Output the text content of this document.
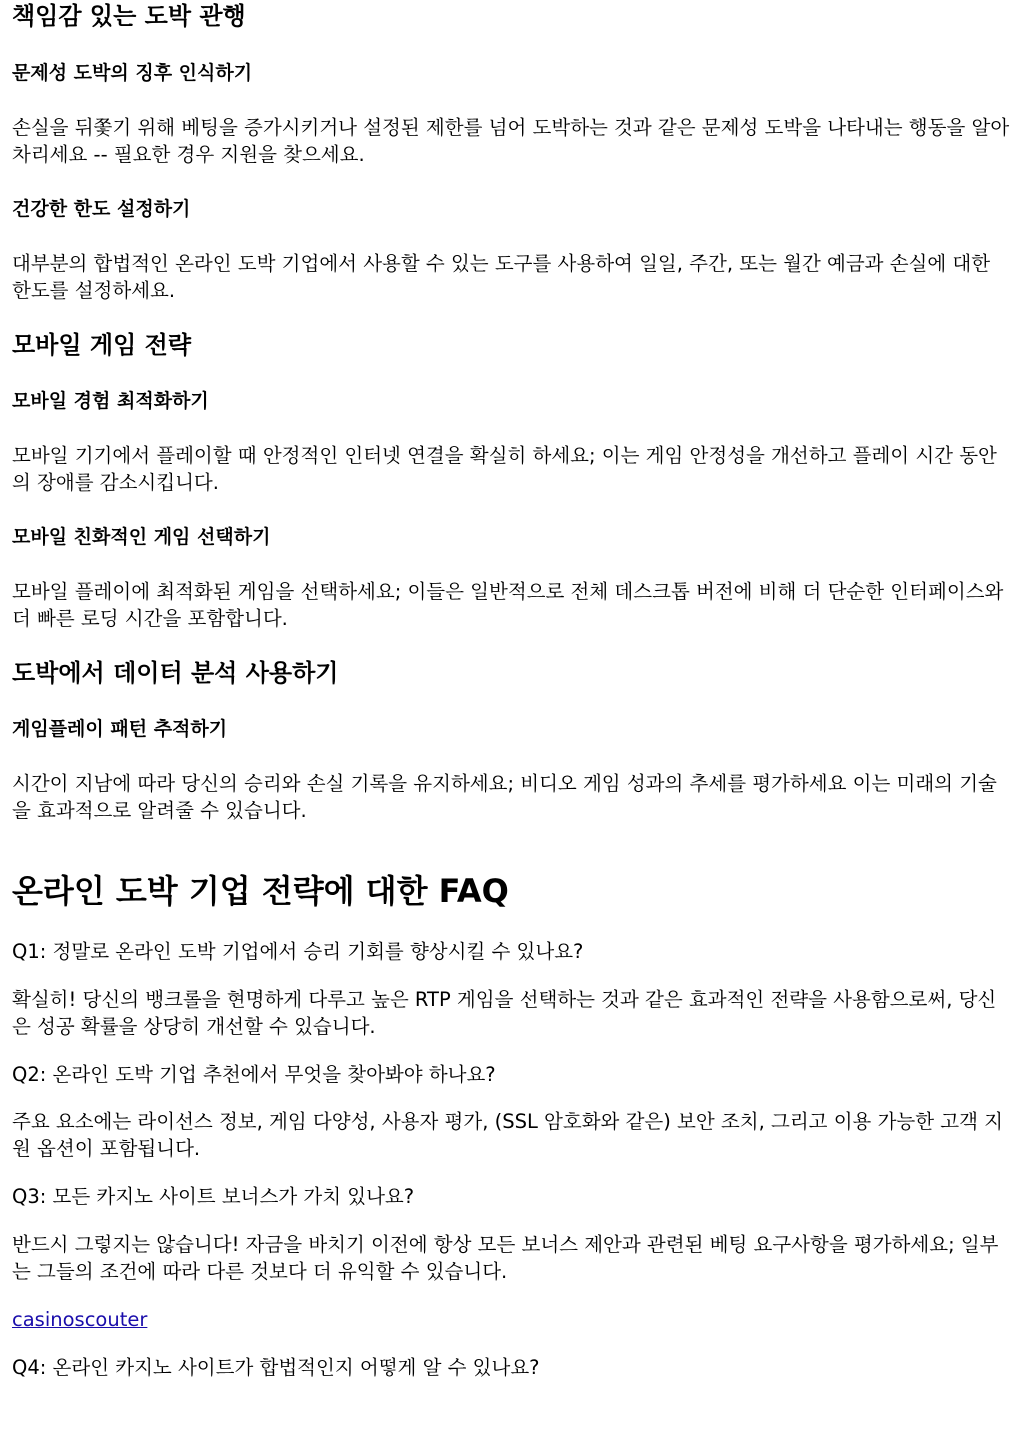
책임감 있는 도박 관행
문제성 도박의 징후 인식하기
손실을 뒤쫓기 위해 베팅을 증가시키거나 설정된 제한를 넘어 도박하는 것과 같은 문제성 도박을 나타내는 행동을 알아차리세요 -- 필요한 경우 지원을 찾으세요.
건강한 한도 설정하기
대부분의 합법적인 온라인 도박 기업에서 사용할 수 있는 도구를 사용하여 일일, 주간, 또는 월간 예금과 손실에 대한 한도를 설정하세요.
모바일 게임 전략
모바일 경험 최적화하기
모바일 기기에서 플레이할 때 안정적인 인터넷 연결을 확실히 하세요; 이는 게임 안정성을 개선하고 플레이 시간 동안의 장애를 감소시킵니다.
모바일 친화적인 게임 선택하기
모바일 플레이에 최적화된 게임을 선택하세요; 이들은 일반적으로 전체 데스크톱 버전에 비해 더 단순한 인터페이스와 더 빠른 로딩 시간을 포함합니다.
도박에서 데이터 분석 사용하기
게임플레이 패턴 추적하기
시간이 지남에 따라 당신의 승리와 손실 기록을 유지하세요; 비디오 게임 성과의 추세를 평가하세요 이는 미래의 기술을 효과적으로 알려줄 수 있습니다.
온라인 도박 기업 전략에 대한 FAQ
Q1: 정말로 온라인 도박 기업에서 승리 기회를 향상시킬 수 있나요?
확실히! 당신의 뱅크롤을 현명하게 다루고 높은 RTP 게임을 선택하는 것과 같은 효과적인 전략을 사용함으로써, 당신은 성공 확률을 상당히 개선할 수 있습니다.
Q2: 온라인 도박 기업 추천에서 무엇을 찾아봐야 하나요?
주요 요소에는 라이선스 정보, 게임 다양성, 사용자 평가, (SSL 암호화와 같은) 보안 조치, 그리고 이용 가능한 고객 지원 옵션이 포함됩니다.
Q3: 모든 카지노 사이트 보너스가 가치 있나요?
반드시 그렇지는 않습니다! 자금을 바치기 이전에 항상 모든 보너스 제안과 관련된 베팅 요구사항을 평가하세요; 일부는 그들의 조건에 따라 다른 것보다 더 유익할 수 있습니다.
casinoscouter
Q4: 온라인 카지노 사이트가 합법적인지 어떻게 알 수 있나요?
